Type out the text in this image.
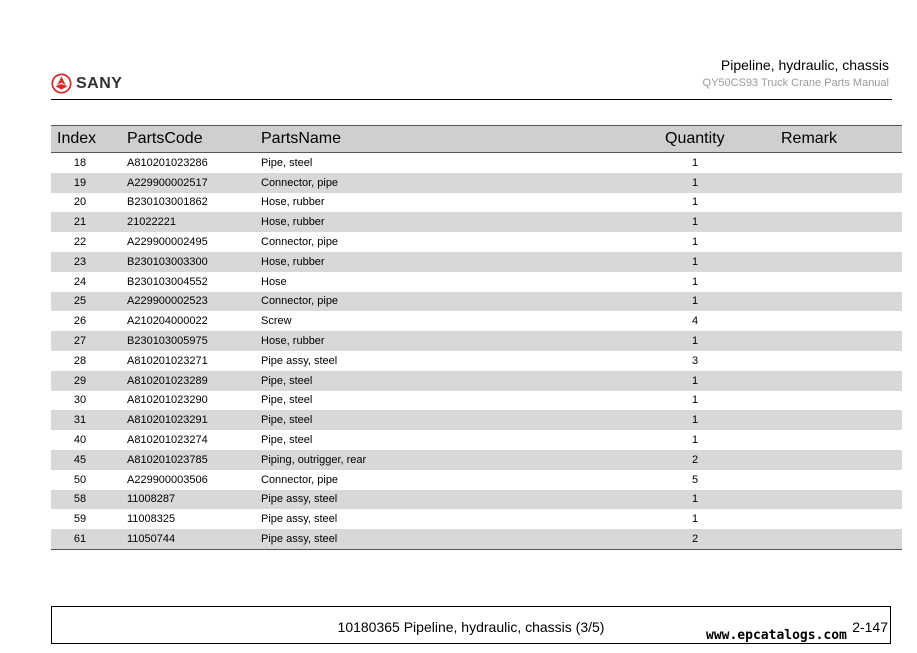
SANY
Pipeline, hydraulic, chassis
QY50CS93 Truck Crane Parts Manual
Index	PartsCode	PartsName	Quantity	Remark
18	A810201023286	Pipe, steel	1	
19	A229900002517	Connector, pipe	1	
20	B230103001862	Hose, rubber	1	
21	21022221	Hose, rubber	1	
22	A229900002495	Connector, pipe	1	
23	B230103003300	Hose, rubber	1	
24	B230103004552	Hose	1	
25	A229900002523	Connector, pipe	1	
26	A210204000022	Screw	4	
27	B230103005975	Hose, rubber	1	
28	A810201023271	Pipe assy, steel	3	
29	A810201023289	Pipe, steel	1	
30	A810201023290	Pipe, steel	1	
31	A810201023291	Pipe, steel	1	
40	A810201023274	Pipe, steel	1	
45	A810201023785	Piping, outrigger, rear	2	
50	A229900003506	Connector, pipe	5	
58	11008287	Pipe assy, steel	1	
59	11008325	Pipe assy, steel	1	
61	11050744	Pipe assy, steel	2	
10180365 Pipeline, hydraulic, chassis (3/5)	2-147
www.epcatalogs.com
